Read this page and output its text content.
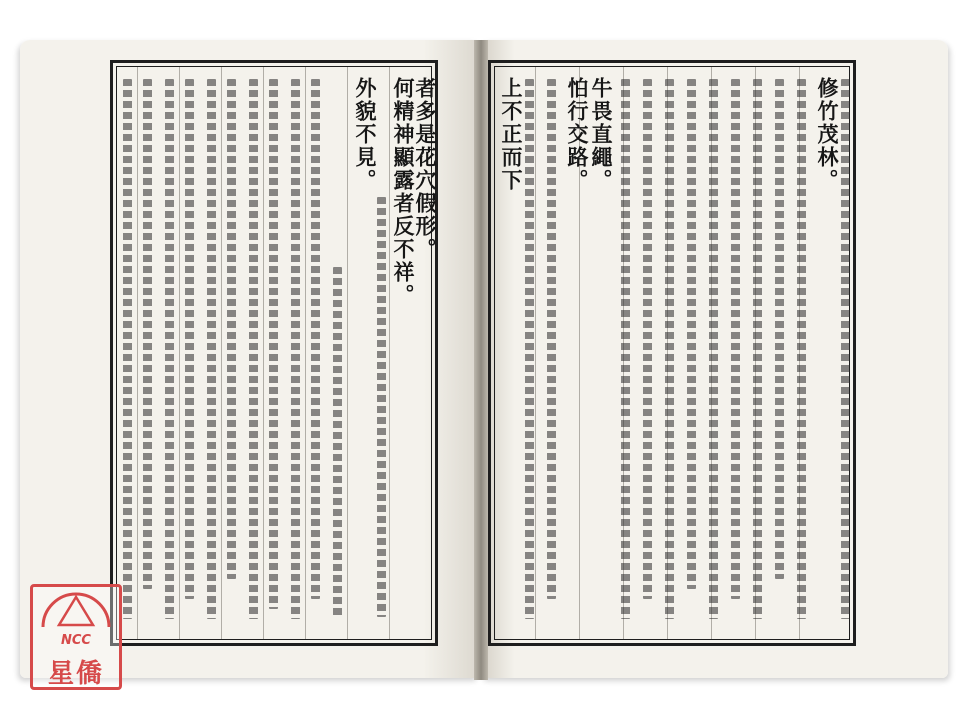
外貌不見。 何精神顯露者反不祥。
者多是花穴假形。	上不正而下 怕行交路。 牛畏直繩。	修竹茂林。
NCC
星僑
